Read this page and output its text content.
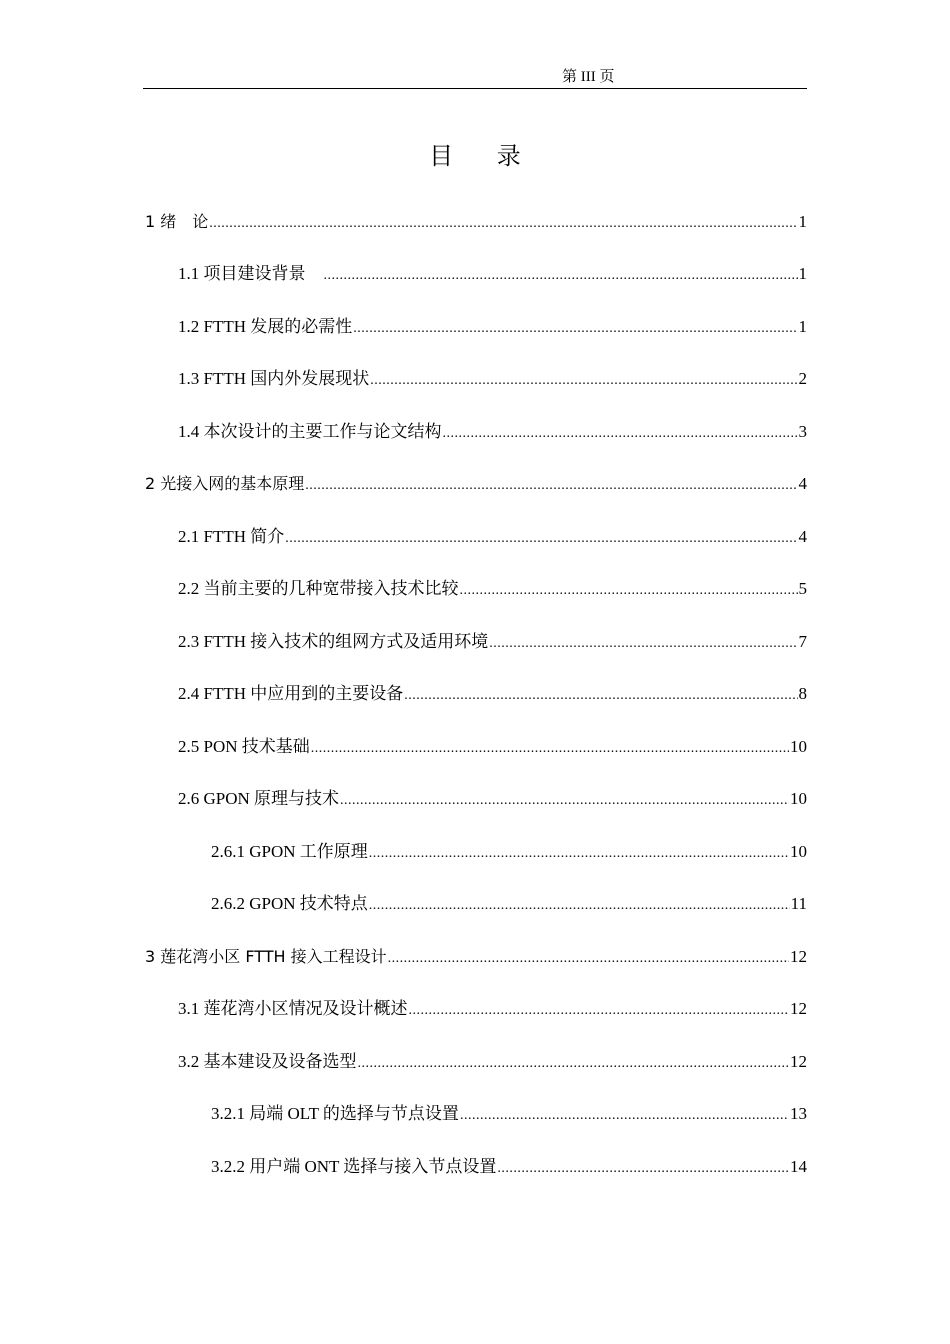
第 III 页
目 录
1 绪　论 .....	1
1.1 项目建设背景　 .....	1
1.2 FTTH 发展的必需性 .....	1
1.3 FTTH 国内外发展现状 .....	2
1.4 本次设计的主要工作与论文结构 .....	3
2 光接入网的基本原理 .....	4
2.1 FTTH 简介 .....	4
2.2 当前主要的几种宽带接入技术比较 .....	5
2.3 FTTH 接入技术的组网方式及适用环境 .....	7
2.4 FTTH 中应用到的主要设备 .....	8
2.5 PON 技术基础 .....	10
2.6 GPON 原理与技术 .....	10
2.6.1 GPON 工作原理 .....	10
2.6.2 GPON 技术特点 .....	11
3 莲花湾小区 FTTH 接入工程设计 .....	12
3.1 莲花湾小区情况及设计概述 .....	12
3.2 基本建设及设备选型 .....	12
3.2.1 局端 OLT 的选择与节点设置 .....	13
3.2.2 用户端 ONT 选择与接入节点设置 .....	14
